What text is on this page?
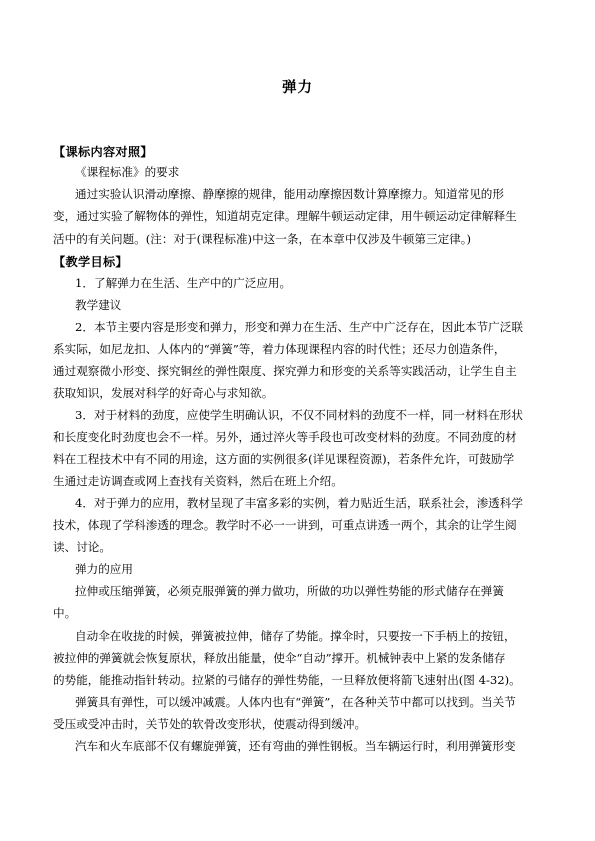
弹力
【课标内容对照】
《课程标准》的要求
通过实验认识滑动摩擦、静摩擦的规律，能用动摩擦因数计算摩擦力。知道常见的形
变，通过实验了解物体的弹性，知道胡克定律。理解牛顿运动定律，用牛顿运动定律解释生
活中的有关问题。(注：对于(课程标准)中这一条，在本章中仅涉及牛顿第三定律。)
【教学目标】
1．了解弹力在生活、生产中的广泛应用。
教学建议
2．本节主要内容是形变和弹力，形变和弹力在生活、生产中广泛存在，因此本节广泛联
系实际，如尼龙扣、人体内的“弹簧”等，着力体现课程内容的时代性；还尽力创造条件，
通过观察微小形变、探究铜丝的弹性限度、探究弹力和形变的关系等实践活动，让学生自主
获取知识，发展对科学的好奇心与求知欲。
3．对于材料的劲度，应使学生明确认识，不仅不同材料的劲度不一样，同一材料在形状
和长度变化时劲度也会不一样。另外，通过淬火等手段也可改变材料的劲度。不同劲度的材
料在工程技术中有不同的用途，这方面的实例很多(详见课程资源)，若条件允许，可鼓励学
生通过走访调查或网上查找有关资料，然后在班上介绍。
4．对于弹力的应用，教材呈现了丰富多彩的实例，着力贴近生活，联系社会，渗透科学
技术，体现了学科渗透的理念。教学时不必一一讲到，可重点讲透一两个，其余的让学生阅
读、讨论。
弹力的应用
拉伸或压缩弹簧，必须克服弹簧的弹力做功，所做的功以弹性势能的形式储存在弹簧
中。
自动伞在收拢的时候，弹簧被拉伸，储存了势能。撑伞时，只要按一下手柄上的按钮，
被拉伸的弹簧就会恢复原状，释放出能量，使伞“自动”撑开。机械钟表中上紧的发条储存
的势能，能推动指针转动。拉紧的弓储存的弹性势能，一旦释放便将箭飞速射出(图 4-32)。
弹簧具有弹性，可以缓冲减震。人体内也有“弹簧”，在各种关节中都可以找到。当关节
受压或受冲击时，关节处的软骨改变形状，使震动得到缓冲。
汽车和火车底部不仅有螺旋弹簧，还有弯曲的弹性钢板。当车辆运行时，利用弹簧形变
